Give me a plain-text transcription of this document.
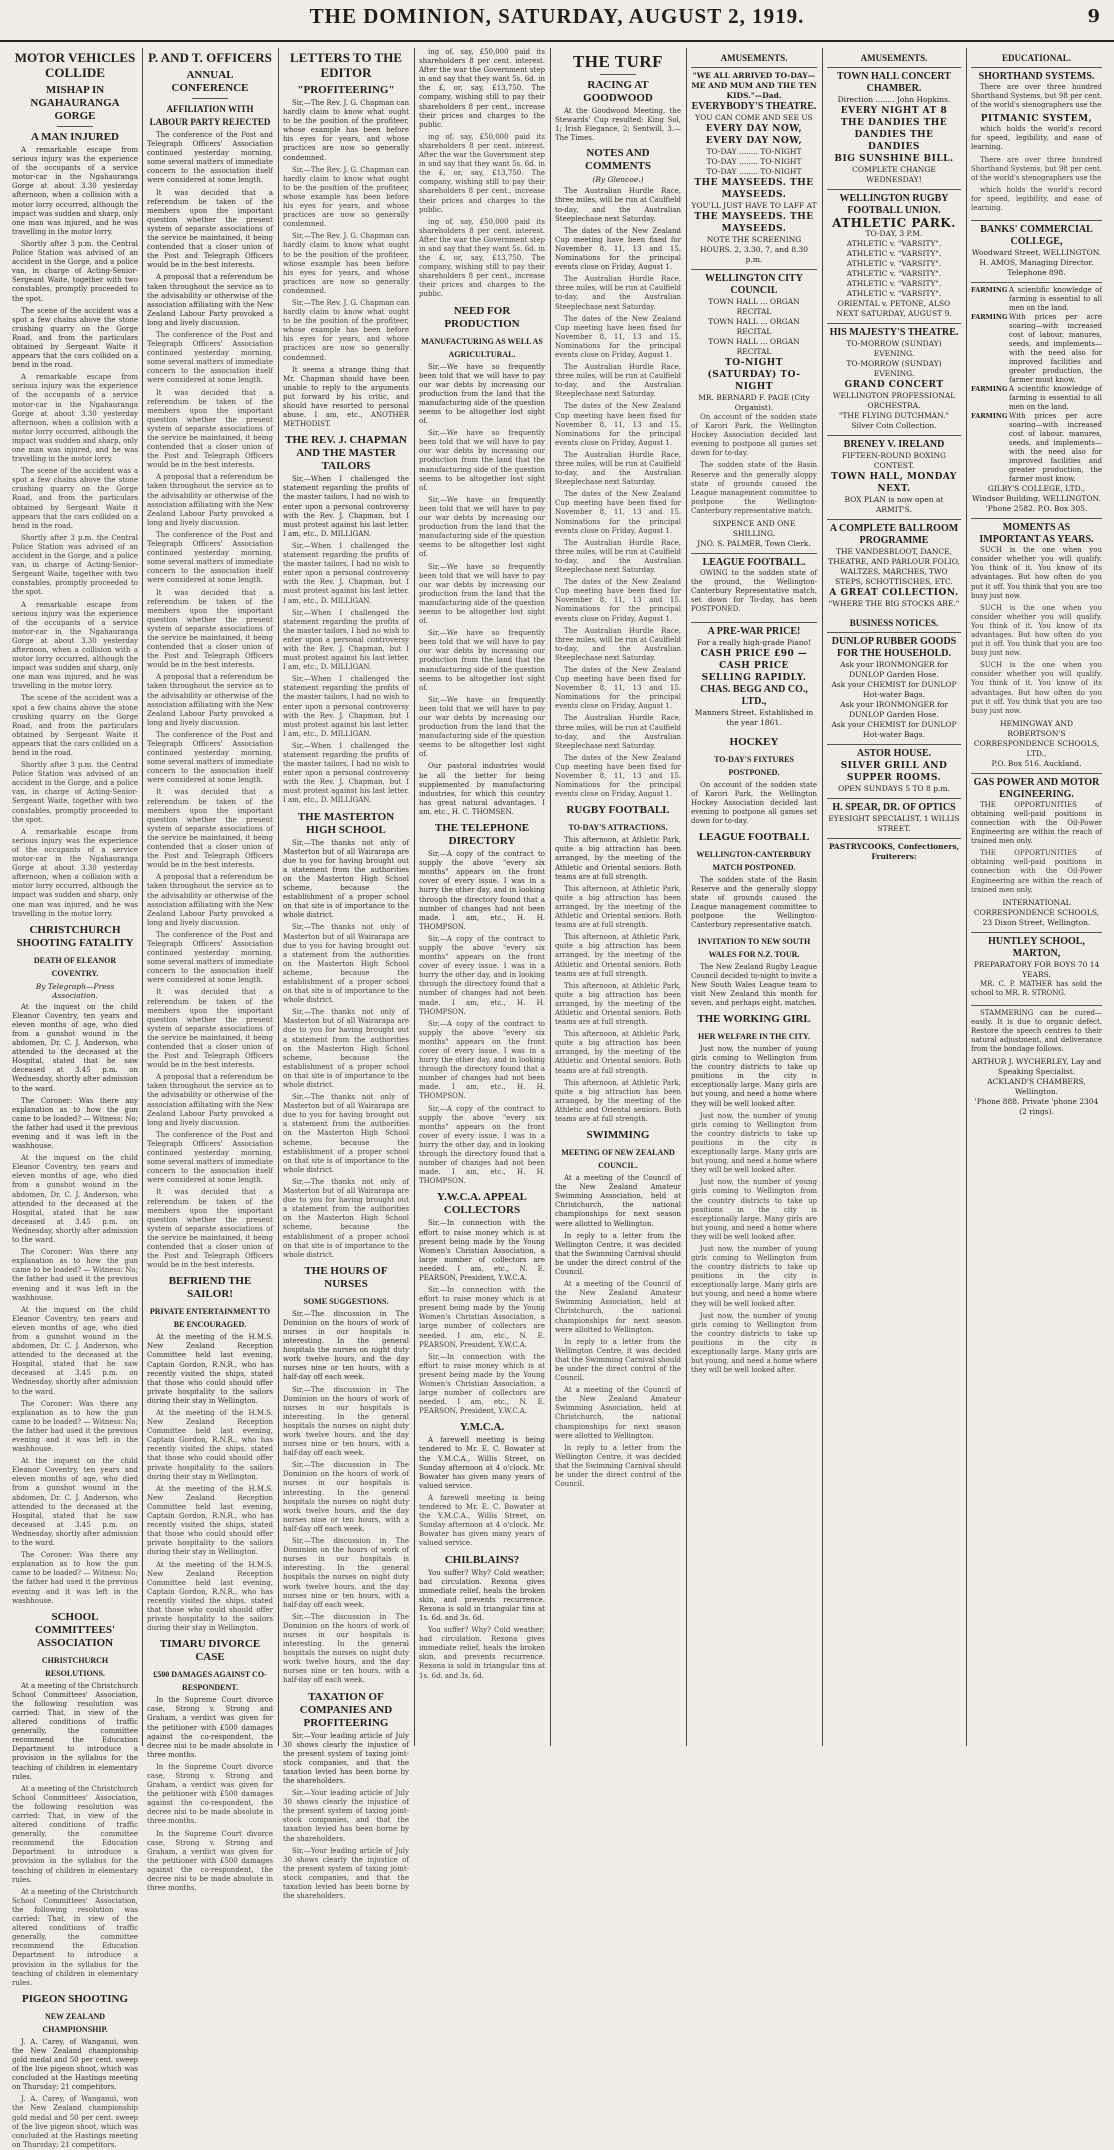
THE DOMINION, SATURDAY, AUGUST 2, 1919.	9
MOTOR VEHICLES COLLIDE
MISHAP IN NGAHAURANGA GORGE
A MAN INJURED

A remarkable escape from serious injury was the experience of the occupants of a service motor-car in the Ngahauranga Gorge at about 3.30 yesterday afternoon, when a collision with a motor lorry occurred, although the impact was sudden and sharp, only one man was injured, and he was travelling in the motor lorry.

Shortly after 3 p.m. the Central Police Station was advised of an accident in the Gorge, and a police van, in charge of Acting-Senior-Sergeant Waite, together with two constables, promptly proceeded to the spot.

The scene of the accident was a spot a few chains above the stone crushing quarry on the Gorge Road, and from the particulars obtained by Sergeant Waite it appears that the cars collided on a bend in the road.

A remarkable escape from serious injury was the experience of the occupants of a service motor-car in the Ngahauranga Gorge at about 3.30 yesterday afternoon, when a collision with a motor lorry occurred, although the impact was sudden and sharp, only one man was injured, and he was travelling in the motor lorry.

The scene of the accident was a spot a few chains above the stone crushing quarry on the Gorge Road, and from the particulars obtained by Sergeant Waite it appears that the cars collided on a bend in the road.

Shortly after 3 p.m. the Central Police Station was advised of an accident in the Gorge, and a police van, in charge of Acting-Senior-Sergeant Waite, together with two constables, promptly proceeded to the spot.

A remarkable escape from serious injury was the experience of the occupants of a service motor-car in the Ngahauranga Gorge at about 3.30 yesterday afternoon, when a collision with a motor lorry occurred, although the impact was sudden and sharp, only one man was injured, and he was travelling in the motor lorry.

The scene of the accident was a spot a few chains above the stone crushing quarry on the Gorge Road, and from the particulars obtained by Sergeant Waite it appears that the cars collided on a bend in the road.

Shortly after 3 p.m. the Central Police Station was advised of an accident in the Gorge, and a police van, in charge of Acting-Senior-Sergeant Waite, together with two constables, promptly proceeded to the spot.

A remarkable escape from serious injury was the experience of the occupants of a service motor-car in the Ngahauranga Gorge at about 3.30 yesterday afternoon, when a collision with a motor lorry occurred, although the impact was sudden and sharp, only one man was injured, and he was travelling in the motor lorry.

CHRISTCHURCH SHOOTING FATALITY
DEATH OF ELEANOR COVENTRY.
By Telegraph—Press Association.

At the inquest on the child Eleanor Coventry, ten years and eleven months of age, who died from a gunshot wound in the abdomen, Dr. C. J. Anderson, who attended to the deceased at the Hospital, stated that he saw deceased at 3.45 p.m. on Wednesday, shortly after admission to the ward.

The Coroner: Was there any explanation as to how the gun came to be loaded? — Witness: No; the father had used it the previous evening and it was left in the washhouse.

At the inquest on the child Eleanor Coventry, ten years and eleven months of age, who died from a gunshot wound in the abdomen, Dr. C. J. Anderson, who attended to the deceased at the Hospital, stated that he saw deceased at 3.45 p.m. on Wednesday, shortly after admission to the ward.

The Coroner: Was there any explanation as to how the gun came to be loaded? — Witness: No; the father had used it the previous evening and it was left in the washhouse.

At the inquest on the child Eleanor Coventry, ten years and eleven months of age, who died from a gunshot wound in the abdomen, Dr. C. J. Anderson, who attended to the deceased at the Hospital, stated that he saw deceased at 3.45 p.m. on Wednesday, shortly after admission to the ward.

The Coroner: Was there any explanation as to how the gun came to be loaded? — Witness: No; the father had used it the previous evening and it was left in the washhouse.

At the inquest on the child Eleanor Coventry, ten years and eleven months of age, who died from a gunshot wound in the abdomen, Dr. C. J. Anderson, who attended to the deceased at the Hospital, stated that he saw deceased at 3.45 p.m. on Wednesday, shortly after admission to the ward.

The Coroner: Was there any explanation as to how the gun came to be loaded? — Witness: No; the father had used it the previous evening and it was left in the washhouse.

SCHOOL COMMITTEES' ASSOCIATION
CHRISTCHURCH RESOLUTIONS.

At a meeting of the Christchurch School Committees' Association, the following resolution was carried: That, in view of the altered conditions of traffic generally, the committee recommend the Education Department to introduce a provision in the syllabus for the teaching of children in elementary rules.

At a meeting of the Christchurch School Committees' Association, the following resolution was carried: That, in view of the altered conditions of traffic generally, the committee recommend the Education Department to introduce a provision in the syllabus for the teaching of children in elementary rules.

At a meeting of the Christchurch School Committees' Association, the following resolution was carried: That, in view of the altered conditions of traffic generally, the committee recommend the Education Department to introduce a provision in the syllabus for the teaching of children in elementary rules.

PIGEON SHOOTING
NEW ZEALAND CHAMPIONSHIP.

J. A. Carey, of Wanganui, won the New Zealand championship gold medal and 50 per cent. sweep of the live pigeon shoot, which was concluded at the Hastings meeting on Thursday; 21 competitors.

J. A. Carey, of Wanganui, won the New Zealand championship gold medal and 50 per cent. sweep of the live pigeon shoot, which was concluded at the Hastings meeting on Thursday; 21 competitors.

P. AND T. OFFICERS
ANNUAL CONFERENCE
AFFILIATION WITH LABOUR PARTY REJECTED

The conference of the Post and Telegraph Officers' Association continued yesterday morning, some several matters of immediate concern to the association itself were considered at some length.

It was decided that a referendum be taken of the members upon the important question whether the present system of separate associations of the service be maintained, it being contended that a closer union of the Post and Telegraph Officers would be in the best interests.

A proposal that a referendum be taken throughout the service as to the advisability or otherwise of the association affiliating with the New Zealand Labour Party provoked a long and lively discussion.

The conference of the Post and Telegraph Officers' Association continued yesterday morning, some several matters of immediate concern to the association itself were considered at some length.

It was decided that a referendum be taken of the members upon the important question whether the present system of separate associations of the service be maintained, it being contended that a closer union of the Post and Telegraph Officers would be in the best interests.

A proposal that a referendum be taken throughout the service as to the advisability or otherwise of the association affiliating with the New Zealand Labour Party provoked a long and lively discussion.

The conference of the Post and Telegraph Officers' Association continued yesterday morning, some several matters of immediate concern to the association itself were considered at some length.

It was decided that a referendum be taken of the members upon the important question whether the present system of separate associations of the service be maintained, it being contended that a closer union of the Post and Telegraph Officers would be in the best interests.

A proposal that a referendum be taken throughout the service as to the advisability or otherwise of the association affiliating with the New Zealand Labour Party provoked a long and lively discussion.

The conference of the Post and Telegraph Officers' Association continued yesterday morning, some several matters of immediate concern to the association itself were considered at some length.

It was decided that a referendum be taken of the members upon the important question whether the present system of separate associations of the service be maintained, it being contended that a closer union of the Post and Telegraph Officers would be in the best interests.

A proposal that a referendum be taken throughout the service as to the advisability or otherwise of the association affiliating with the New Zealand Labour Party provoked a long and lively discussion.

The conference of the Post and Telegraph Officers' Association continued yesterday morning, some several matters of immediate concern to the association itself were considered at some length.

It was decided that a referendum be taken of the members upon the important question whether the present system of separate associations of the service be maintained, it being contended that a closer union of the Post and Telegraph Officers would be in the best interests.

A proposal that a referendum be taken throughout the service as to the advisability or otherwise of the association affiliating with the New Zealand Labour Party provoked a long and lively discussion.

The conference of the Post and Telegraph Officers' Association continued yesterday morning, some several matters of immediate concern to the association itself were considered at some length.

It was decided that a referendum be taken of the members upon the important question whether the present system of separate associations of the service be maintained, it being contended that a closer union of the Post and Telegraph Officers would be in the best interests.

BEFRIEND THE SAILOR!
PRIVATE ENTERTAINMENT TO BE ENCOURAGED.

At the meeting of the H.M.S. New Zealand Reception Committee held last evening, Captain Gordon, R.N.R., who has recently visited the ships, stated that those who could should offer private hospitality to the sailors during their stay in Wellington.

At the meeting of the H.M.S. New Zealand Reception Committee held last evening, Captain Gordon, R.N.R., who has recently visited the ships, stated that those who could should offer private hospitality to the sailors during their stay in Wellington.

At the meeting of the H.M.S. New Zealand Reception Committee held last evening, Captain Gordon, R.N.R., who has recently visited the ships, stated that those who could should offer private hospitality to the sailors during their stay in Wellington.

At the meeting of the H.M.S. New Zealand Reception Committee held last evening, Captain Gordon, R.N.R., who has recently visited the ships, stated that those who could should offer private hospitality to the sailors during their stay in Wellington.

TIMARU DIVORCE CASE
£500 DAMAGES AGAINST CO-RESPONDENT.

In the Supreme Court divorce case, Strong v. Strong and Graham, a verdict was given for the petitioner with £500 damages against the co-respondent, the decree nisi to be made absolute in three months.

In the Supreme Court divorce case, Strong v. Strong and Graham, a verdict was given for the petitioner with £500 damages against the co-respondent, the decree nisi to be made absolute in three months.

In the Supreme Court divorce case, Strong v. Strong and Graham, a verdict was given for the petitioner with £500 damages against the co-respondent, the decree nisi to be made absolute in three months.

LETTERS TO THE EDITOR
"PROFITEERING"

Sir,—The Rev. J. G. Chapman can hardly claim to know what ought to be the position of the profiteer, whose example has been before his eyes for years, and whose practices are now so generally condemned.

Sir,—The Rev. J. G. Chapman can hardly claim to know what ought to be the position of the profiteer, whose example has been before his eyes for years, and whose practices are now so generally condemned.

Sir,—The Rev. J. G. Chapman can hardly claim to know what ought to be the position of the profiteer, whose example has been before his eyes for years, and whose practices are now so generally condemned.

Sir,—The Rev. J. G. Chapman can hardly claim to know what ought to be the position of the profiteer, whose example has been before his eyes for years, and whose practices are now so generally condemned.

It seems a strange thing that Mr. Chapman should have been unable to reply to the arguments put forward by his critic, and should have resorted to personal abuse. I am, etc., ANOTHER METHODIST.

THE REV. J. CHAPMAN AND THE MASTER TAILORS

Sir,—When I challenged the statement regarding the profits of the master tailors, I had no wish to enter upon a personal controversy with the Rev. J. Chapman, but I must protest against his last letter. I am, etc., D. MILLIGAN.

Sir,—When I challenged the statement regarding the profits of the master tailors, I had no wish to enter upon a personal controversy with the Rev. J. Chapman, but I must protest against his last letter. I am, etc., D. MILLIGAN.

Sir,—When I challenged the statement regarding the profits of the master tailors, I had no wish to enter upon a personal controversy with the Rev. J. Chapman, but I must protest against his last letter. I am, etc., D. MILLIGAN.

Sir,—When I challenged the statement regarding the profits of the master tailors, I had no wish to enter upon a personal controversy with the Rev. J. Chapman, but I must protest against his last letter. I am, etc., D. MILLIGAN.

Sir,—When I challenged the statement regarding the profits of the master tailors, I had no wish to enter upon a personal controversy with the Rev. J. Chapman, but I must protest against his last letter. I am, etc., D. MILLIGAN.

THE MASTERTON HIGH SCHOOL

Sir,—The thanks not only of Masterton but of all Wairarapa are due to you for having brought out a statement from the authorities on the Masterton High School scheme, because the establishment of a proper school on that site is of importance to the whole district.

Sir,—The thanks not only of Masterton but of all Wairarapa are due to you for having brought out a statement from the authorities on the Masterton High School scheme, because the establishment of a proper school on that site is of importance to the whole district.

Sir,—The thanks not only of Masterton but of all Wairarapa are due to you for having brought out a statement from the authorities on the Masterton High School scheme, because the establishment of a proper school on that site is of importance to the whole district.

Sir,—The thanks not only of Masterton but of all Wairarapa are due to you for having brought out a statement from the authorities on the Masterton High School scheme, because the establishment of a proper school on that site is of importance to the whole district.

Sir,—The thanks not only of Masterton but of all Wairarapa are due to you for having brought out a statement from the authorities on the Masterton High School scheme, because the establishment of a proper school on that site is of importance to the whole district.

THE HOURS OF NURSES
SOME SUGGESTIONS.

Sir,—The discussion in The Dominion on the hours of work of nurses in our hospitals is interesting. In the general hospitals the nurses on night duty work twelve hours, and the day nurses nine or ten hours, with a half-day off each week.

Sir,—The discussion in The Dominion on the hours of work of nurses in our hospitals is interesting. In the general hospitals the nurses on night duty work twelve hours, and the day nurses nine or ten hours, with a half-day off each week.

Sir,—The discussion in The Dominion on the hours of work of nurses in our hospitals is interesting. In the general hospitals the nurses on night duty work twelve hours, and the day nurses nine or ten hours, with a half-day off each week.

Sir,—The discussion in The Dominion on the hours of work of nurses in our hospitals is interesting. In the general hospitals the nurses on night duty work twelve hours, and the day nurses nine or ten hours, with a half-day off each week.

Sir,—The discussion in The Dominion on the hours of work of nurses in our hospitals is interesting. In the general hospitals the nurses on night duty work twelve hours, and the day nurses nine or ten hours, with a half-day off each week.

TAXATION OF COMPANIES AND PROFITEERING

Sir,—Your leading article of July 30 shows clearly the injustice of the present system of taxing joint-stock companies, and that the taxation levied has been borne by the shareholders.

Sir,—Your leading article of July 30 shows clearly the injustice of the present system of taxing joint-stock companies, and that the taxation levied has been borne by the shareholders.

Sir,—Your leading article of July 30 shows clearly the injustice of the present system of taxing joint-stock companies, and that the taxation levied has been borne by the shareholders.

ing of, say, £50,000 paid its shareholders 8 per cent. interest. After the war the Government step in and say that they want 5s. 6d. in the £, or, say, £13,750. The company, wishing still to pay their shareholders 8 per cent., increase their prices and charges to the public.

ing of, say, £50,000 paid its shareholders 8 per cent. interest. After the war the Government step in and say that they want 5s. 6d. in the £, or, say, £13,750. The company, wishing still to pay their shareholders 8 per cent., increase their prices and charges to the public.

ing of, say, £50,000 paid its shareholders 8 per cent. interest. After the war the Government step in and say that they want 5s. 6d. in the £, or, say, £13,750. The company, wishing still to pay their shareholders 8 per cent., increase their prices and charges to the public.

NEED FOR PRODUCTION
MANUFACTURING AS WELL AS AGRICULTURAL.

Sir,—We have so frequently been told that we will have to pay our war debts by increasing our production from the land that the manufacturing side of the question seems to be altogether lost sight of.

Sir,—We have so frequently been told that we will have to pay our war debts by increasing our production from the land that the manufacturing side of the question seems to be altogether lost sight of.

Sir,—We have so frequently been told that we will have to pay our war debts by increasing our production from the land that the manufacturing side of the question seems to be altogether lost sight of.

Sir,—We have so frequently been told that we will have to pay our war debts by increasing our production from the land that the manufacturing side of the question seems to be altogether lost sight of.

Sir,—We have so frequently been told that we will have to pay our war debts by increasing our production from the land that the manufacturing side of the question seems to be altogether lost sight of.

Sir,—We have so frequently been told that we will have to pay our war debts by increasing our production from the land that the manufacturing side of the question seems to be altogether lost sight of.

Our pastoral industries would be all the better for being supplemented by manufacturing industries, for which this country has great natural advantages. I am, etc., H. C. THOMSEN.

THE TELEPHONE DIRECTORY

Sir,—A copy of the contract to supply the above "every six months" appears on the front cover of every issue. I was in a hurry the other day, and in looking through the directory found that a number of changes had not been made. I am, etc., H. H. THOMPSON.

Sir,—A copy of the contract to supply the above "every six months" appears on the front cover of every issue. I was in a hurry the other day, and in looking through the directory found that a number of changes had not been made. I am, etc., H. H. THOMPSON.

Sir,—A copy of the contract to supply the above "every six months" appears on the front cover of every issue. I was in a hurry the other day, and in looking through the directory found that a number of changes had not been made. I am, etc., H. H. THOMPSON.

Sir,—A copy of the contract to supply the above "every six months" appears on the front cover of every issue. I was in a hurry the other day, and in looking through the directory found that a number of changes had not been made. I am, etc., H. H. THOMPSON.

Y.W.C.A. APPEAL COLLECTORS

Sir,—In connection with the effort to raise money which is at present being made by the Young Women's Christian Association, a large number of collectors are needed. I am, etc., N. E. PEARSON, President, Y.W.C.A.

Sir,—In connection with the effort to raise money which is at present being made by the Young Women's Christian Association, a large number of collectors are needed. I am, etc., N. E. PEARSON, President, Y.W.C.A.

Sir,—In connection with the effort to raise money which is at present being made by the Young Women's Christian Association, a large number of collectors are needed. I am, etc., N. E. PEARSON, President, Y.W.C.A.

Y.M.C.A.

A farewell meeting is being tendered to Mr. E. C. Bowater at the Y.M.C.A., Willis Street, on Sunday afternoon at 4 o'clock. Mr. Bowater has given many years of valued service.

A farewell meeting is being tendered to Mr. E. C. Bowater at the Y.M.C.A., Willis Street, on Sunday afternoon at 4 o'clock. Mr. Bowater has given many years of valued service.

CHILBLAINS?

You suffer? Why? Cold weather; bad circulation. Rexona gives immediate relief, heals the broken skin, and prevents recurrence. Rexona is sold in triangular tins at 1s. 6d. and 3s. 6d.

You suffer? Why? Cold weather; bad circulation. Rexona gives immediate relief, heals the broken skin, and prevents recurrence. Rexona is sold in triangular tins at 1s. 6d. and 3s. 6d.

THE TURF
RACING AT GOODWOOD

At the Goodwood Meeting, the Stewards' Cup resulted: King Sol, 1; Irish Elegance, 2; Sentwill, 3.—The Times.

NOTES AND COMMENTS
(By Glencoe.)

The Australian Hurdle Race, three miles, will be run at Caulfield to-day, and the Australian Steeplechase next Saturday.

The dates of the New Zealand Cup meeting have been fixed for November 8, 11, 13 and 15. Nominations for the principal events close on Friday, August 1.

The Australian Hurdle Race, three miles, will be run at Caulfield to-day, and the Australian Steeplechase next Saturday.

The dates of the New Zealand Cup meeting have been fixed for November 8, 11, 13 and 15. Nominations for the principal events close on Friday, August 1.

The Australian Hurdle Race, three miles, will be run at Caulfield to-day, and the Australian Steeplechase next Saturday.

The dates of the New Zealand Cup meeting have been fixed for November 8, 11, 13 and 15. Nominations for the principal events close on Friday, August 1.

The Australian Hurdle Race, three miles, will be run at Caulfield to-day, and the Australian Steeplechase next Saturday.

The dates of the New Zealand Cup meeting have been fixed for November 8, 11, 13 and 15. Nominations for the principal events close on Friday, August 1.

The Australian Hurdle Race, three miles, will be run at Caulfield to-day, and the Australian Steeplechase next Saturday.

The dates of the New Zealand Cup meeting have been fixed for November 8, 11, 13 and 15. Nominations for the principal events close on Friday, August 1.

The Australian Hurdle Race, three miles, will be run at Caulfield to-day, and the Australian Steeplechase next Saturday.

The dates of the New Zealand Cup meeting have been fixed for November 8, 11, 13 and 15. Nominations for the principal events close on Friday, August 1.

The Australian Hurdle Race, three miles, will be run at Caulfield to-day, and the Australian Steeplechase next Saturday.

The dates of the New Zealand Cup meeting have been fixed for November 8, 11, 13 and 15. Nominations for the principal events close on Friday, August 1.

RUGBY FOOTBALL
TO-DAY'S ATTRACTIONS.

This afternoon, at Athletic Park, quite a big attraction has been arranged, by the meeting of the Athletic and Oriental seniors. Both teams are at full strength.

This afternoon, at Athletic Park, quite a big attraction has been arranged, by the meeting of the Athletic and Oriental seniors. Both teams are at full strength.

This afternoon, at Athletic Park, quite a big attraction has been arranged, by the meeting of the Athletic and Oriental seniors. Both teams are at full strength.

This afternoon, at Athletic Park, quite a big attraction has been arranged, by the meeting of the Athletic and Oriental seniors. Both teams are at full strength.

This afternoon, at Athletic Park, quite a big attraction has been arranged, by the meeting of the Athletic and Oriental seniors. Both teams are at full strength.

This afternoon, at Athletic Park, quite a big attraction has been arranged, by the meeting of the Athletic and Oriental seniors. Both teams are at full strength.

SWIMMING
MEETING OF NEW ZEALAND COUNCIL.

At a meeting of the Council of the New Zealand Amateur Swimming Association, held at Christchurch, the national championships for next season were allotted to Wellington.

In reply to a letter from the Wellington Centre, it was decided that the Swimming Carnival should be under the direct control of the Council.

At a meeting of the Council of the New Zealand Amateur Swimming Association, held at Christchurch, the national championships for next season were allotted to Wellington.

In reply to a letter from the Wellington Centre, it was decided that the Swimming Carnival should be under the direct control of the Council.

At a meeting of the Council of the New Zealand Amateur Swimming Association, held at Christchurch, the national championships for next season were allotted to Wellington.

In reply to a letter from the Wellington Centre, it was decided that the Swimming Carnival should be under the direct control of the Council.

AMUSEMENTS.
"WE ALL ARRIVED TO-DAY— ME AND MUM AND THE TEN KIDS."—Dad.
EVERYBODY'S THEATRE.
YOU CAN COME AND SEE US
EVERY DAY NOW, EVERY DAY NOW,
TO-DAY ........ TO-NIGHT
TO-DAY ........ TO-NIGHT
TO-DAY ........ TO-NIGHT
THE MAYSEEDS. THE MAYSEEDS.
YOU'LL JUST HAVE TO LAFF AT
THE MAYSEEDS. THE MAYSEEDS.
NOTE THE SCREENING HOURS. 2, 3.30, 7, and 8.30 p.m.
WELLINGTON CITY COUNCIL
TOWN HALL ... ORGAN RECITAL
TOWN HALL ... ORGAN RECITAL
TOWN HALL ... ORGAN RECITAL
TO-NIGHT (SATURDAY) TO-NIGHT
MR. BERNARD F. PAGE (City Organist).

On account of the sodden state of Karori Park, the Wellington Hockey Association decided last evening to postpone all games set down for to-day.

The sodden state of the Basin Reserve and the generally sloppy state of grounds caused the League management committee to postpone the Wellington-Canterbury representative match.

SIXPENCE AND ONE SHILLING.
JNO. S. PALMER, Town Clerk.
LEAGUE FOOTBALL.

OWING to the sodden state of the ground, the Wellington-Canterbury Representative match, set down for To-day, has been POSTPONED.

A PRE-WAR PRICE!
For a really high-grade Piano!
CASH PRICE £90 — CASH PRICE
SELLING RAPIDLY.
CHAS. BEGG AND CO., LTD.,
Manners Street. Established in the year 1861.
HOCKEY
TO-DAY'S FIXTURES POSTPONED.

On account of the sodden state of Karori Park, the Wellington Hockey Association decided last evening to postpone all games set down for to-day.

LEAGUE FOOTBALL
WELLINGTON-CANTERBURY MATCH POSTPONED.

The sodden state of the Basin Reserve and the generally sloppy state of grounds caused the League management committee to postpone the Wellington-Canterbury representative match.

INVITATION TO NEW SOUTH WALES FOR N.Z. TOUR.

The New Zealand Rugby League Council decided to-night to invite a New South Wales League team to visit New Zealand this month for seven, and perhaps eight, matches.

THE WORKING GIRL
HER WELFARE IN THE CITY.

Just now, the number of young girls coming to Wellington from the country districts to take up positions in the city is exceptionally large. Many girls are but young, and need a home where they will be well looked after.

Just now, the number of young girls coming to Wellington from the country districts to take up positions in the city is exceptionally large. Many girls are but young, and need a home where they will be well looked after.

Just now, the number of young girls coming to Wellington from the country districts to take up positions in the city is exceptionally large. Many girls are but young, and need a home where they will be well looked after.

Just now, the number of young girls coming to Wellington from the country districts to take up positions in the city is exceptionally large. Many girls are but young, and need a home where they will be well looked after.

Just now, the number of young girls coming to Wellington from the country districts to take up positions in the city is exceptionally large. Many girls are but young, and need a home where they will be well looked after.

AMUSEMENTS.
TOWN HALL CONCERT CHAMBER.
Direction ........ John Hopkins.
EVERY NIGHT AT 8
THE DANDIES THE DANDIES THE DANDIES
BIG SUNSHINE BILL.
COMPLETE CHANGE WEDNESDAY!
WELLINGTON RUGBY FOOTBALL UNION.
ATHLETIC PARK.
TO-DAY, 3 P.M.
ATHLETIC v. "VARSITY".
ATHLETIC v. "VARSITY".
ATHLETIC v. "VARSITY".
ATHLETIC v. "VARSITY".
ATHLETIC v. "VARSITY".
ATHLETIC v. "VARSITY".
ORIENTAL v. PETONE, ALSO
NEXT SATURDAY, AUGUST 9.
HIS MAJESTY'S THEATRE.
TO-MORROW (SUNDAY) EVENING.
TO-MORROW (SUNDAY) EVENING.
GRAND CONCERT
WELLINGTON PROFESSIONAL ORCHESTRA.
"THE FLYING DUTCHMAN."
Silver Coin Collection.
BRENEY V. IRELAND
FIFTEEN-ROUND BOXING CONTEST.
TOWN HALL, MONDAY NEXT.
BOX PLAN is now open at ARMIT'S.
A COMPLETE BALLROOM PROGRAMME
THE VANDESBLOOT, DANCE, THEATRE, AND PARLOUR FOLIO,
WALTZES, MARCHES, TWO STEPS, SCHOTTISCHES, ETC.
A GREAT COLLECTION.
"WHERE THE BIG STOCKS ARE."
BUSINESS NOTICES.
DUNLOP RUBBER GOODS FOR THE HOUSEHOLD.
Ask your IRONMONGER for DUNLOP Garden Hose.
Ask your CHEMIST for DUNLOP Hot-water Bags.
Ask your IRONMONGER for DUNLOP Garden Hose.
Ask your CHEMIST for DUNLOP Hot-water Bags.
ASTOR HOUSE.
SILVER GRILL AND SUPPER ROOMS.
OPEN SUNDAYS 5 TO 8 p.m.
H. SPEAR, DR. OF OPTICS
EYESIGHT SPECIALIST, 1 WILLIS STREET.
PASTRYCOOKS, Confectioners, Fruiterers:
EDUCATIONAL.
SHORTHAND SYSTEMS.

There are over three hundred Shorthand Systems, but 98 per cent. of the world's stenographers use the

PITMANIC SYSTEM,

which holds the world's record for speed, legibility, and ease of learning.

There are over three hundred Shorthand Systems, but 98 per cent. of the world's stenographers use the

which holds the world's record for speed, legibility, and ease of learning.

BANKS' COMMERCIAL COLLEGE,
Woodward Street, WELLINGTON.
H. AMOS, Managing Director.
Telephone 898.
FARMING A scientific knowledge of farming is essential to all men on the land.
FARMING With prices per acre soaring—with increased cost of labour, manures, seeds, and implements—with the need also for improved facilities and greater production, the farmer must know.
FARMING A scientific knowledge of farming is essential to all men on the land.
FARMING With prices per acre soaring—with increased cost of labour, manures, seeds, and implements—with the need also for improved facilities and greater production, the farmer must know.
GILBY'S COLLEGE, LTD., Windsor Building, WELLINGTON. 'Phone 2582. P.O. Box 305.
MOMENTS AS IMPORTANT AS YEARS.

SUCH is the one when you consider whether you will qualify. You think of it. You know of its advantages. But how often do you put it off. You think that you are too busy just now.

SUCH is the one when you consider whether you will qualify. You think of it. You know of its advantages. But how often do you put it off. You think that you are too busy just now.

SUCH is the one when you consider whether you will qualify. You think of it. You know of its advantages. But how often do you put it off. You think that you are too busy just now.

HEMINGWAY AND ROBERTSON'S CORRESPONDENCE SCHOOLS, LTD.,
P.O. Box 516. Auckland.
GAS POWER AND MOTOR ENGINEERING.

THE OPPORTUNITIES of obtaining well-paid positions in connection with the Oil-Power Engineering are within the reach of trained men only.

THE OPPORTUNITIES of obtaining well-paid positions in connection with the Oil-Power Engineering are within the reach of trained men only.

INTERNATIONAL CORRESPONDENCE SCHOOLS,
23 Dixon Street, Wellington.
HUNTLEY SCHOOL, MARTON,
PREPARATORY FOR BOYS 70 14 YEARS.

MR. C. P. MATHER has sold the school to MR. R. STRONG.

STAMMERING can be cured—easily. It is due to organic defect. Restore the speech centres to their natural adjustment, and deliverance from the bondage follows.

ARTHUR J. WYCHERLEY, Lay and Speaking Specialist.
ACKLAND'S CHAMBERS, Wellington.
'Phone 888. Private 'phone 2304 (2 rings).
